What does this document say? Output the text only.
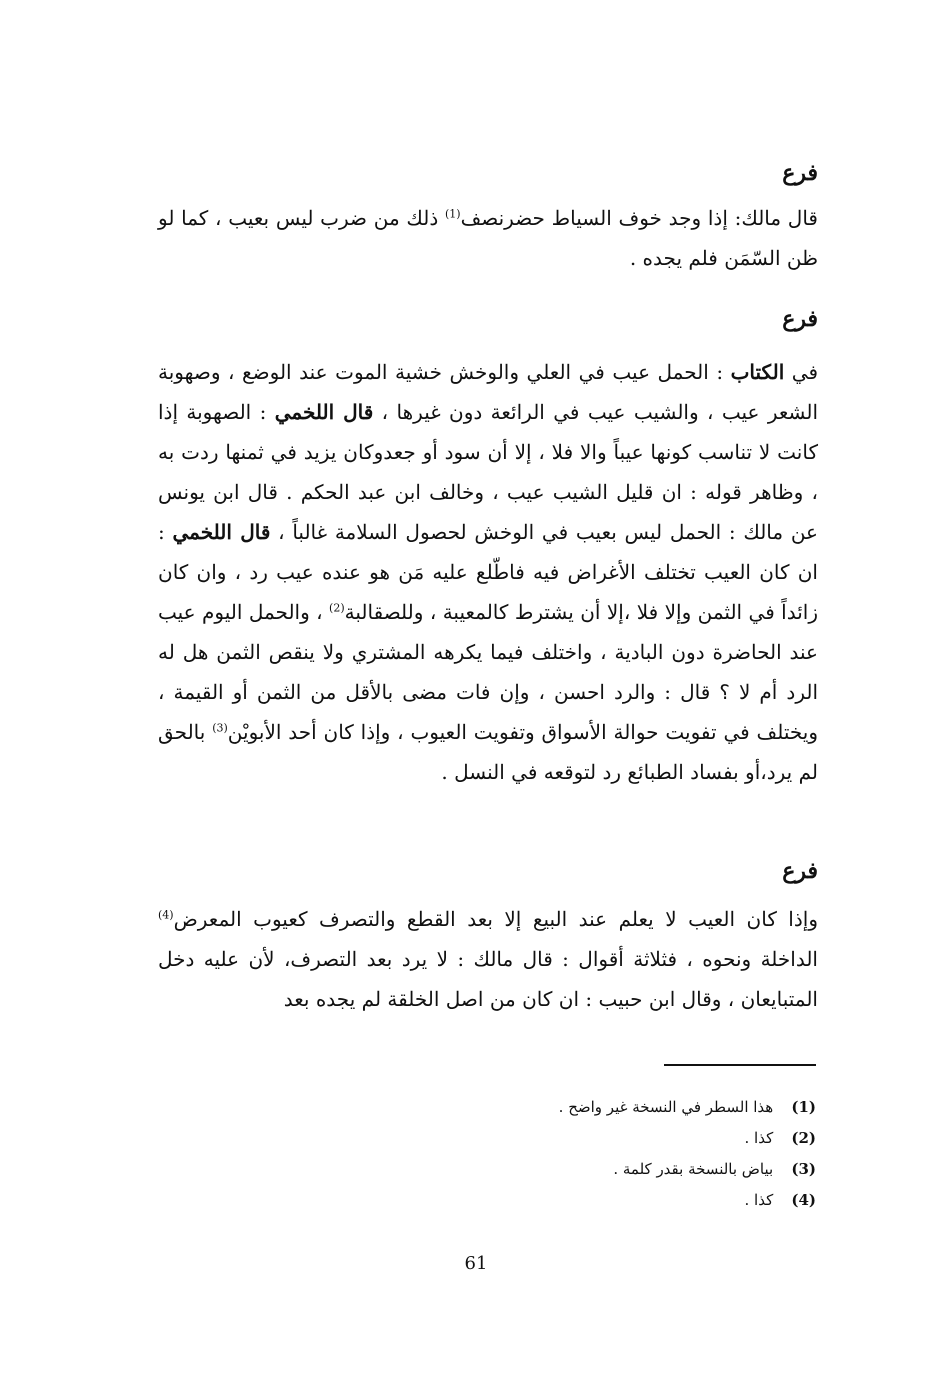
فرع

قال مالك: إذا وجد خوف السياط حضرنصف$^{(1)}$ ذلك من ضرب ليس بعيب ، كما لو ظن السّمَن فلم يجده .

فرع

في الكتاب : الحمل عيب في العلي والوخش خشية الموت عند الوضع ، وصهوبة الشعر عيب ، والشيب عيب في الرائعة دون غيرها ، قال اللخمي : الصهوبة إذا كانت لا تناسب كونها عيباً والا فلا ، إلا أن سود أو جعدوكان يزيد في ثمنها ردت به ، وظاهر قوله : ان قليل الشيب عيب ، وخالف ابن عبد الحكم . قال ابن يونس عن مالك : الحمل ليس بعيب في الوخش لحصول السلامة غالباً ، قال اللخمي : ان كان العيب تختلف الأغراض فيه فاطّلع عليه مَن هو عنده عيب رد ، وان كان زائداً في الثمن وإلا فلا ،إلا أن يشترط كالمعيبة ، وللصقالبة$^{(2)}$ ، والحمل اليوم عيب عند الحاضرة دون البادية ، واختلف فيما يكرهه المشتري ولا ينقص الثمن هل له الرد أم لا ؟ قال : والرد احسن ، وإن فات مضى بالأقل من الثمن أو القيمة ، ويختلف في تفويت حوالة الأسواق وتفويت العيوب ، وإذا كان أحد الأبويْن$^{(3)}$ بالحق لم يرد،أو بفساد الطبائع رد لتوقعه في النسل .

فرع

وإذا كان العيب لا يعلم عند البيع إلا بعد القطع والتصرف كعيوب المعرض$^{(4)}$ الداخلة ونحوه ، فثلاثة أقوال : قال مالك : لا يرد بعد التصرف، لأن عليه دخل المتبايعان ، وقال ابن حبيب : ان كان من اصل الخلقة لم يجده بعد

(1) هذا السطر في النسخة غير واضح .
(2) كذا .
(3) بياض بالنسخة بقدر كلمة .
(4) كذا .
61
